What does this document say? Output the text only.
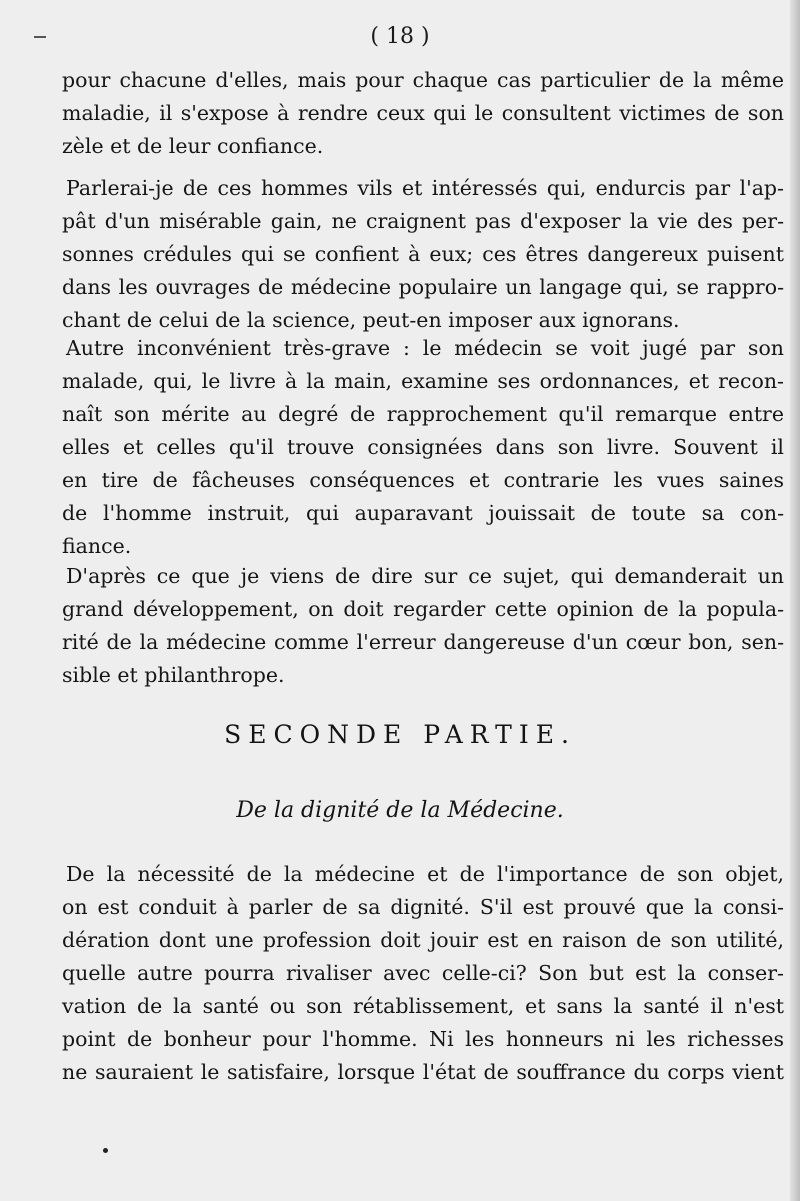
( 18 )

pour chacune d'elles, mais pour chaque cas particulier de la même
maladie, il s'expose à rendre ceux qui le consultent victimes de son
zèle et de leur confiance.

Parlerai-je de ces hommes vils et intéressés qui, endurcis par l'ap-
pât d'un misérable gain, ne craignent pas d'exposer la vie des per-
sonnes crédules qui se confient à eux; ces êtres dangereux puisent
dans les ouvrages de médecine populaire un langage qui, se rappro-
chant de celui de la science, peut-en imposer aux ignorans.

Autre inconvénient très-grave : le médecin se voit jugé par son
malade, qui, le livre à la main, examine ses ordonnances, et recon-
naît son mérite au degré de rapprochement qu'il remarque entre
elles et celles qu'il trouve consignées dans son livre. Souvent il
en tire de fâcheuses conséquences et contrarie les vues saines
de l'homme instruit, qui auparavant jouissait de toute sa con-
fiance.

D'après ce que je viens de dire sur ce sujet, qui demanderait un
grand développement, on doit regarder cette opinion de la popula-
rité de la médecine comme l'erreur dangereuse d'un cœur bon, sen-
sible et philanthrope.

SECONDE PARTIE.
De la dignité de la Médecine.

De la nécessité de la médecine et de l'importance de son objet,
on est conduit à parler de sa dignité. S'il est prouvé que la consi-
dération dont une profession doit jouir est en raison de son utilité,
quelle autre pourra rivaliser avec celle-ci? Son but est la conser-
vation de la santé ou son rétablissement, et sans la santé il n'est
point de bonheur pour l'homme. Ni les honneurs ni les richesses
ne sauraient le satisfaire, lorsque l'état de souffrance du corps vient
